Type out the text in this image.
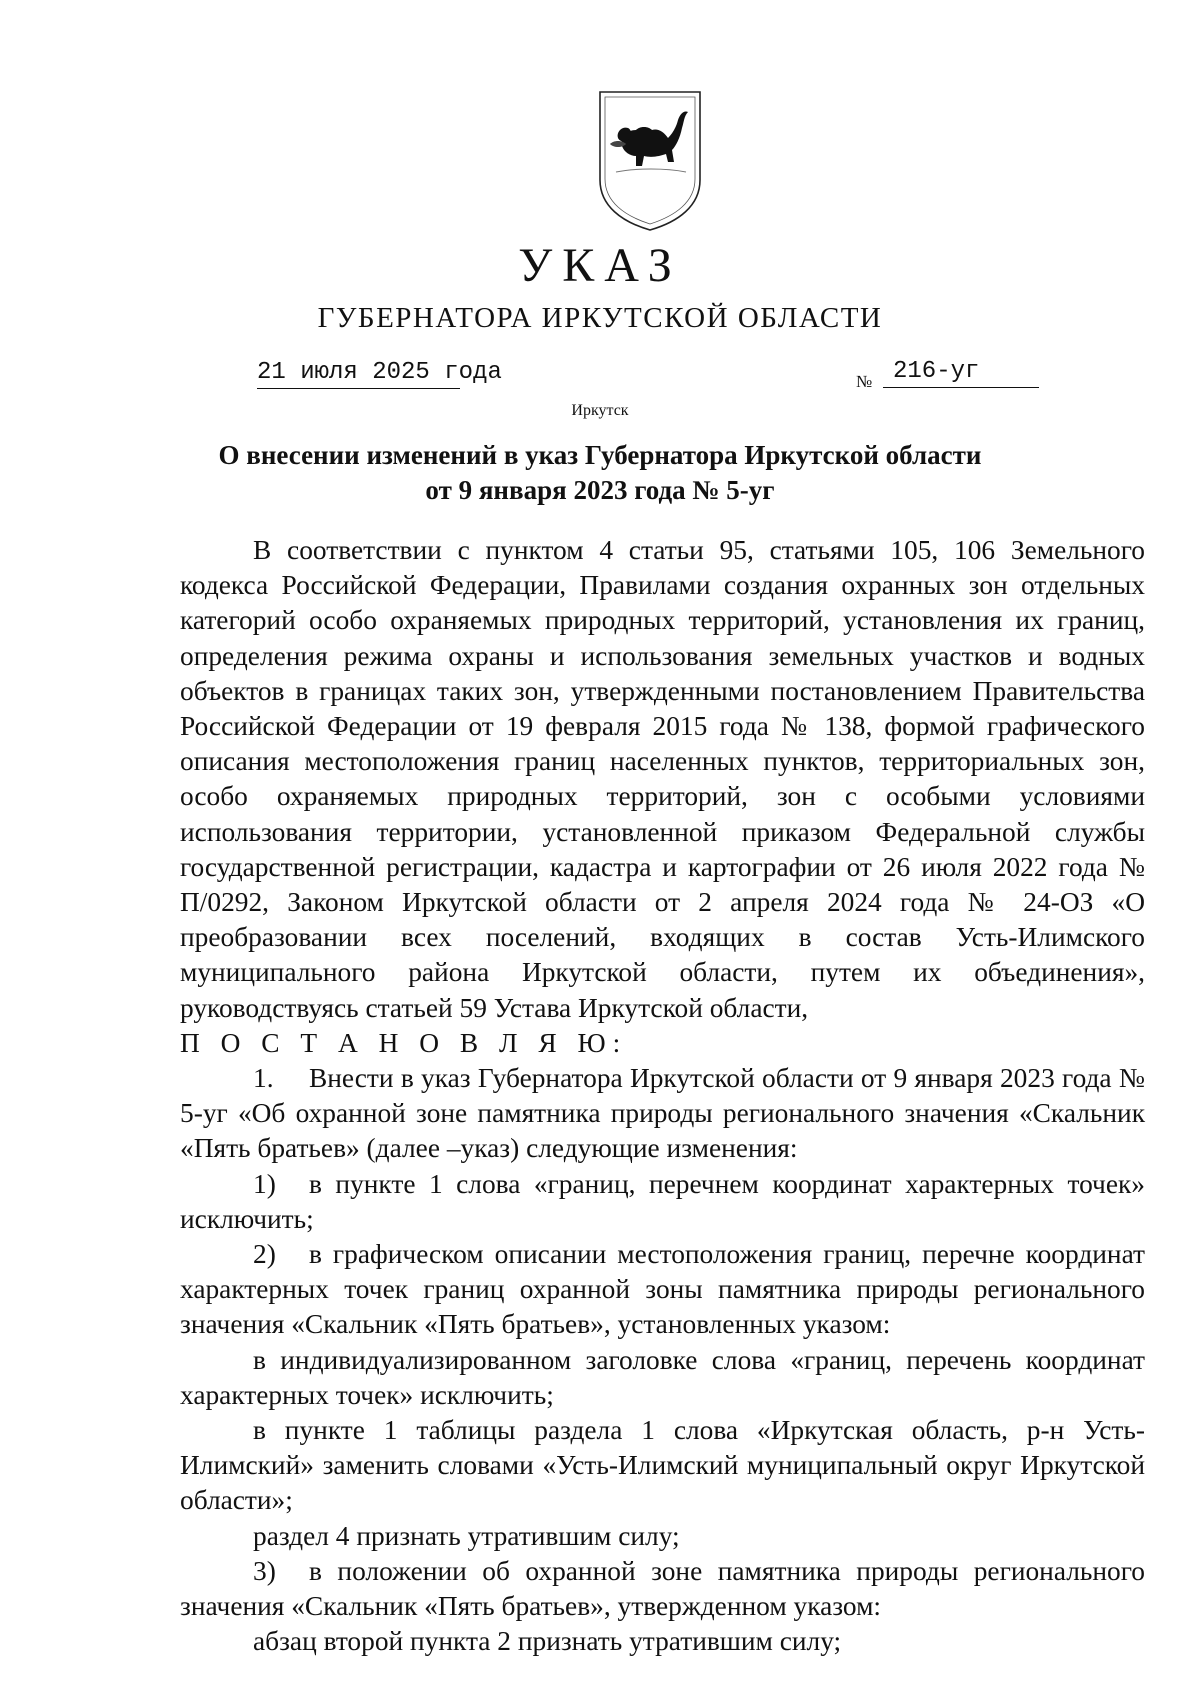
УКАЗ
ГУБЕРНАТОРА ИРКУТСКОЙ ОБЛАСТИ
21 июля 2025 года	№ 216-уг
Иркутск
О внесении изменений в указ Губернатора Иркутской области
от 9 января 2023 года № 5-уг

В соответствии с пунктом 4 статьи 95, статьями 105, 106 Земельного кодекса Российской Федерации, Правилами создания охранных зон отдельных категорий особо охраняемых природных территорий, установления их границ, определения режима охраны и использования земельных участков и водных объектов в границах таких зон, утвержденными постановлением Правительства Российской Федерации от 19 февраля 2015 года № 138, формой графического описания местоположения границ населенных пунктов, территориальных зон, особо охраняемых природных территорий, зон с особыми условиями использования территории, установленной приказом Федеральной службы государственной регистрации, кадастра и картографии от 26 июля 2022 года № П/0292, Законом Иркутской области от 2 апреля 2024 года № 24-ОЗ «О преобразовании всех поселений, входящих в состав Усть-Илимского муниципального района Иркутской области, путем их объединения», руководствуясь статьей 59 Устава Иркутской области,

П О С Т А Н О В Л Я Ю:

1. Внести в указ Губернатора Иркутской области от 9 января 2023 года № 5-уг «Об охранной зоне памятника природы регионального значения «Скальник «Пять братьев» (далее –указ) следующие изменения:

1) в пункте 1 слова «границ, перечнем координат характерных точек» исключить;

2) в графическом описании местоположения границ, перечне координат характерных точек границ охранной зоны памятника природы регионального значения «Скальник «Пять братьев», установленных указом:

в индивидуализированном заголовке слова «границ, перечень координат характерных точек» исключить;

в пункте 1 таблицы раздела 1 слова «Иркутская область, р-н Усть-Илимский» заменить словами «Усть-Илимский муниципальный округ Иркутской области»;

раздел 4 признать утратившим силу;

3) в положении об охранной зоне памятника природы регионального значения «Скальник «Пять братьев», утвержденном указом:

абзац второй пункта 2 признать утратившим силу;
